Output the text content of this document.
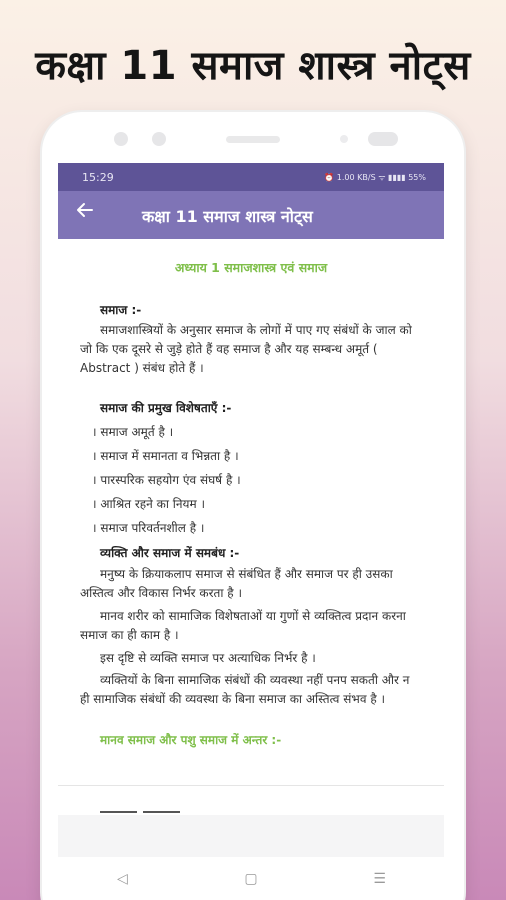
कक्षा 11 समाज शास्त्र नोट्स
15:29	⏰ 1.00 KB/S ᯤ ▮▮▮▮ 55%
कक्षा 11 समाज शास्त्र नोट्स
अध्याय 1 समाजशास्त्र एवं समाज
समाज :-
समाजशास्त्रियों के अनुसार समाज के लोगों में पाए गए संबंधों के जाल को जो कि एक दूसरे से जुड़े होते हैं वह समाज है और यह सम्बन्ध अमूर्त ( Abstract ) संबंध होते हैं ।
समाज की प्रमुख विशेषताएँ :-
। समाज अमूर्त है ।
। समाज में समानता व भिन्नता है ।
। पारस्परिक सहयोग एंव संघर्ष है ।
। आश्रित रहने का नियम ।
। समाज परिवर्तनशील है ।
व्यक्ति और समाज में समबंध :-
मनुष्य के क्रियाकलाप समाज से संबंधित हैं और समाज पर ही उसका अस्तित्व और विकास निर्भर करता है ।
मानव शरीर को सामाजिक विशेषताओं या गुणों से व्यक्तित्व प्रदान करना समाज का ही काम है ।
इस दृष्टि से व्यक्ति समाज पर अत्याधिक निर्भर है ।
व्यक्तियों के बिना सामाजिक संबंधों की व्यवस्था नहीं पनप सकती और न ही सामाजिक संबंधों की व्यवस्था के बिना समाज का अस्तित्व संभव है ।
मानव समाज और पशु समाज में अन्तर :-
◁	▢	☰
